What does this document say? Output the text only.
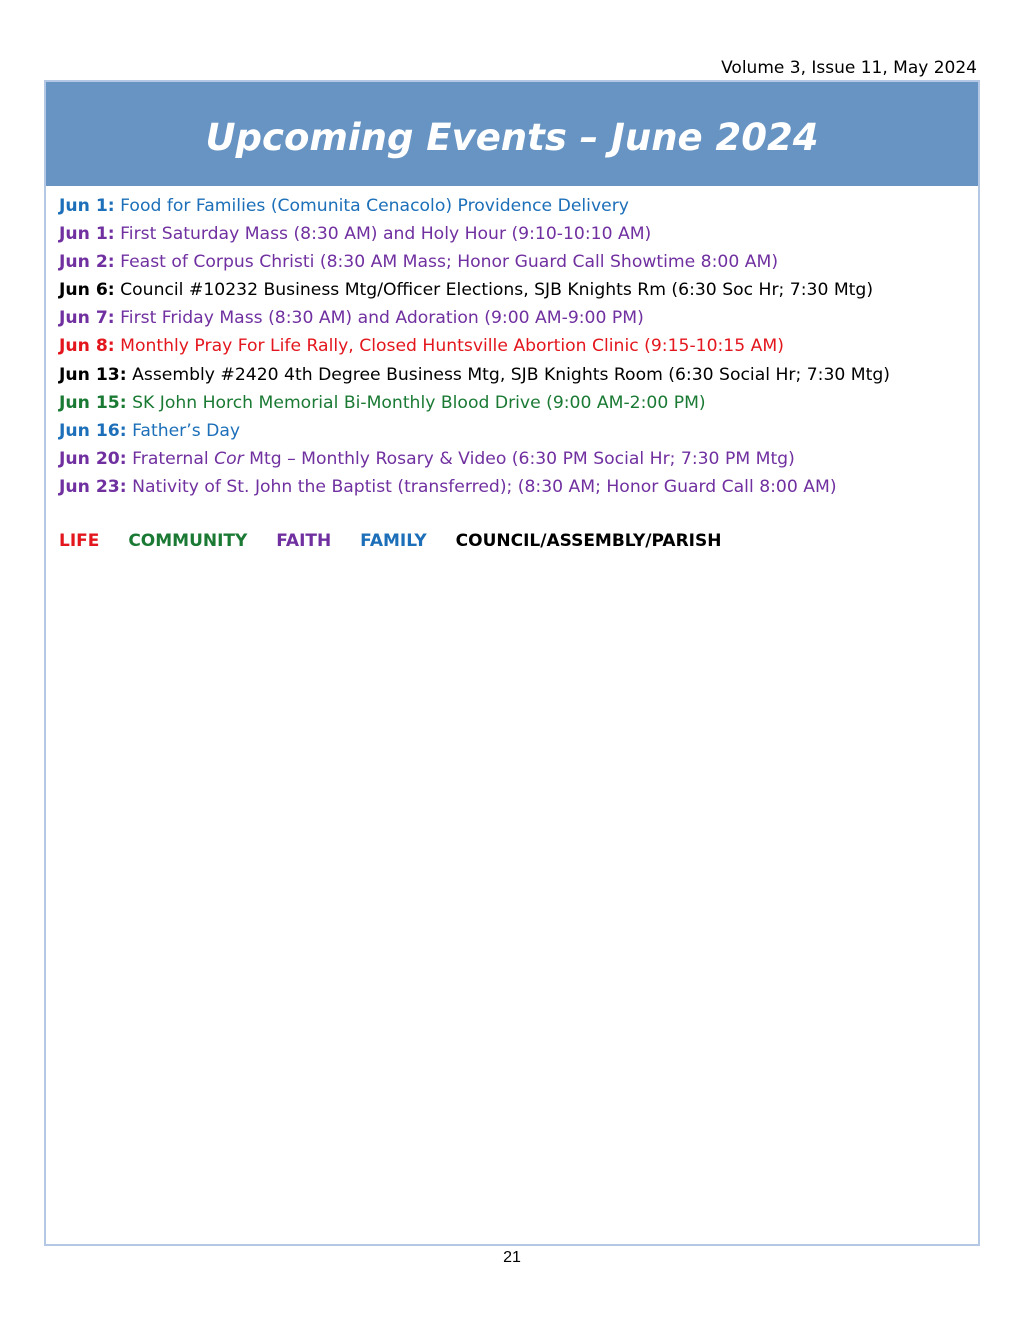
Volume 3, Issue 11, May 2024
Upcoming Events – June 2024
Jun 1: Food for Families (Comunita Cenacolo) Providence Delivery
Jun 1: First Saturday Mass (8:30 AM) and Holy Hour (9:10-10:10 AM)
Jun 2: Feast of Corpus Christi (8:30 AM Mass; Honor Guard Call Showtime 8:00 AM)
Jun 6: Council #10232 Business Mtg/Officer Elections, SJB Knights Rm (6:30 Soc Hr; 7:30 Mtg)
Jun 7: First Friday Mass (8:30 AM) and Adoration (9:00 AM-9:00 PM)
Jun 8: Monthly Pray For Life Rally, Closed Huntsville Abortion Clinic (9:15-10:15 AM)
Jun 13: Assembly #2420 4th Degree Business Mtg, SJB Knights Room (6:30 Social Hr; 7:30 Mtg)
Jun 15: SK John Horch Memorial Bi-Monthly Blood Drive (9:00 AM-2:00 PM)
Jun 16: Father’s Day
Jun 20: Fraternal Cor Mtg – Monthly Rosary & Video (6:30 PM Social Hr; 7:30 PM Mtg)
Jun 23: Nativity of St. John the Baptist (transferred); (8:30 AM; Honor Guard Call 8:00 AM)
LIFE COMMUNITY FAITH FAMILY COUNCIL/ASSEMBLY/PARISH
21
